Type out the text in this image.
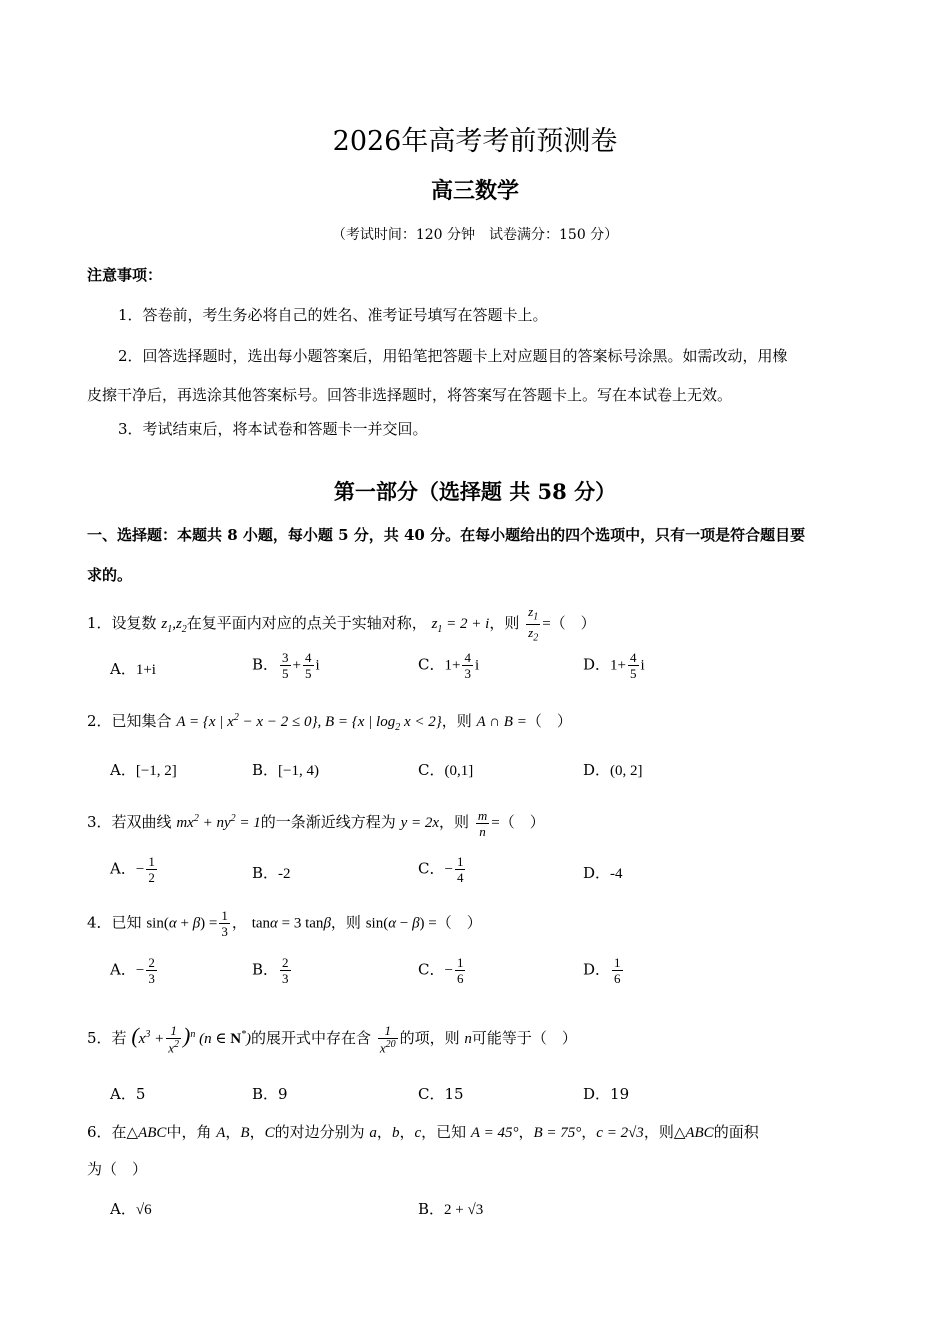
2026年高考考前预测卷
高三数学
（考试时间：120 分钟　试卷满分：150 分）
注意事项：
1．答卷前，考生务必将自己的姓名、准考证号填写在答题卡上。
2．回答选择题时，选出每小题答案后，用铅笔把答题卡上对应题目的答案标号涂黑。如需改动，用橡
皮擦干净后，再选涂其他答案标号。回答非选择题时，将答案写在答题卡上。写在本试卷上无效。
3．考试结束后，将本试卷和答题卡一并交回。
第一部分（选择题 共 58 分）
一、选择题：本题共 8 小题，每小题 5 分，共 40 分。在每小题给出的四个选项中，只有一项是符合题目要
求的。
1．设复数 $z_1,z_2$在复平面内对应的点关于实轴对称， $z_1 = 2 + i$，则 $\frac{z_1}{z_2}$ =（　）
A．1+i	B． $\frac{3}{5} + \frac{4}{5}$ i	C．$1+ \frac{4}{3}$ i	D．$1+ \frac{4}{5}$ i
2．已知集合 A = {x | $x^2 - x - 2 \le 0$}, B = {x | $\log_2 x < 2$}，则 A ∩ B =（　）
A．[−1, 2]	B．[−1, 4)	C．(0,1]	D．(0, 2]
3．若双曲线 $mx^2 + ny^2 = 1$的一条渐近线方程为 y = 2x，则 $\frac{m}{n}$ =（　）
A．− $\frac{1}{2}$	B．-2	C．− $\frac{1}{4}$	D．-4
4．已知 $\sin(\alpha + \beta) = \frac{1}{3}$ ， tanα = 3 tanβ，则 sin(α − β) =（　）
A．− $\frac{2}{3}$	B． $\frac{2}{3}$	C．− $\frac{1}{6}$	D． $\frac{1}{6}$
5．若 $(x^3 + \frac{1}{x^2} )^n$ (n ∈ N*)的展开式中存在含 $\frac{1}{x^{20}}$ 的项，则 n可能等于（　）
A．5	B．9	C．15	D．19
6．在△ABC中，角 A，B，C的对边分别为 a，b，c，已知 A = 45°，B = 75°，c = 2√3，则△ABC的面积
为（　）
A．√6	B．2 + √3
